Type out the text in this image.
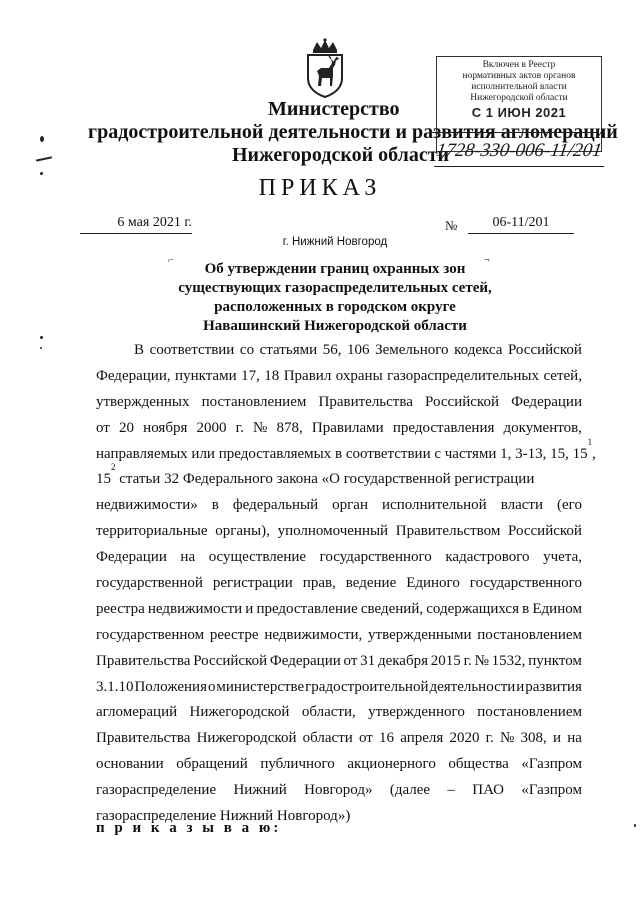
Включен в Реестр
нормативных актов органов
исполнительной власти
Нижегородской области
С 1 ИЮН 2021
Министерство
градостроительной деятельности и развития агломераций
Нижегородской области
1728-330-006-11/201
ПРИКАЗ
6 мая 2021 г.	№	06-11/201
г. Нижний Новгород
⌐	¬
Об утверждении границ охранных зон
существующих газораспределительных сетей,
расположенных в городском округе
Навашинский Нижегородской области
В соответствии со статьями 56, 106 Земельного кодекса Российской
Федерации, пунктами 17, 18 Правил охраны газораспределительных сетей,
утвержденных постановлением Правительства Российской Федерации
от 20 ноября 2000 г. № 878, Правилами предоставления документов,
направляемых или предоставляемых в соответствии с частями 1, 3-13, 15, 15
1
,
15
2
статьи 32 Федерального закона «О государственной регистрации
недвижимости» в федеральный орган исполнительной власти (его
территориальные органы), уполномоченный Правительством Российской
Федерации на осуществление государственного кадастрового учета,
государственной регистрации прав, ведение Единого государственного
реестра недвижимости и предоставление сведений, содержащихся в Едином
государственном реестре недвижимости, утвержденными постановлением
Правительства Российской Федерации от 31 декабря 2015 г. № 1532, пунктом
3.1.10 Положения о министерстве градостроительной деятельности и развития
агломераций Нижегородской области, утвержденного постановлением
Правительства Нижегородской области от 16 апреля 2020 г. № 308, и на
основании обращений публичного акционерного общества «Газпром
газораспределение Нижний Новгород» (далее – ПАО «Газпром
газораспределение Нижний Новгород»)
п р и к а з ы в а ю:
